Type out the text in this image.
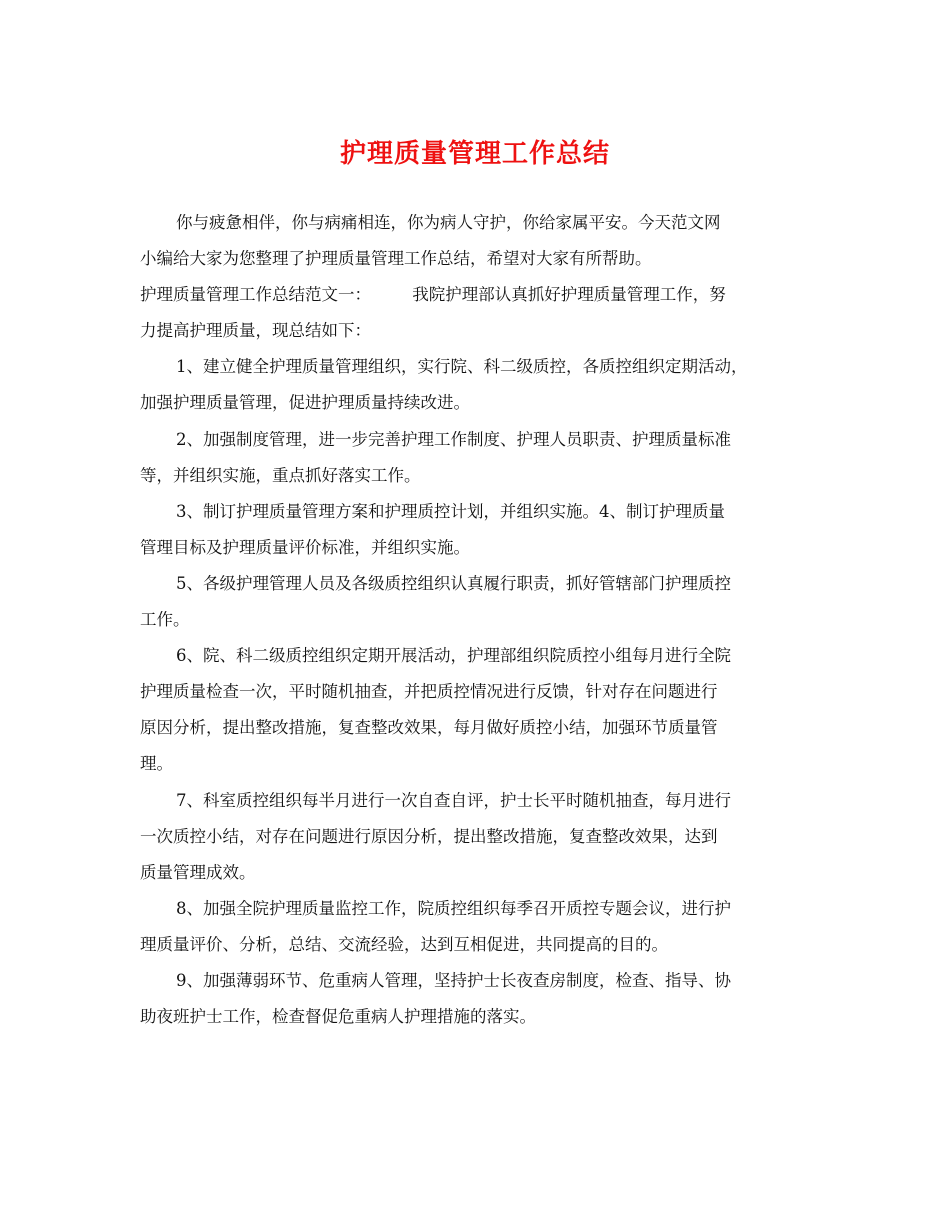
护理质量管理工作总结

你与疲惫相伴，你与病痛相连，你为病人守护，你给家属平安。今天范文网

小编给大家为您整理了护理质量管理工作总结，希望对大家有所帮助。

护理质量管理工作总结范文一：　　　我院护理部认真抓好护理质量管理工作，努

力提高护理质量，现总结如下：

1、建立健全护理质量管理组织，实行院、科二级质控，各质控组织定期活动，

加强护理质量管理，促进护理质量持续改进。

2、加强制度管理，进一步完善护理工作制度、护理人员职责、护理质量标准

等，并组织实施，重点抓好落实工作。

3、制订护理质量管理方案和护理质控计划，并组织实施。4、制订护理质量

管理目标及护理质量评价标准，并组织实施。

5、各级护理管理人员及各级质控组织认真履行职责，抓好管辖部门护理质控

工作。

6、院、科二级质控组织定期开展活动，护理部组织院质控小组每月进行全院

护理质量检查一次，平时随机抽查，并把质控情况进行反馈，针对存在问题进行

原因分析，提出整改措施，复查整改效果，每月做好质控小结，加强环节质量管

理。

7、科室质控组织每半月进行一次自查自评，护士长平时随机抽查，每月进行

一次质控小结，对存在问题进行原因分析，提出整改措施，复查整改效果，达到

质量管理成效。

8、加强全院护理质量监控工作，院质控组织每季召开质控专题会议，进行护

理质量评价、分析，总结、交流经验，达到互相促进，共同提高的目的。

9、加强薄弱环节、危重病人管理，坚持护士长夜查房制度，检查、指导、协

助夜班护士工作，检查督促危重病人护理措施的落实。
